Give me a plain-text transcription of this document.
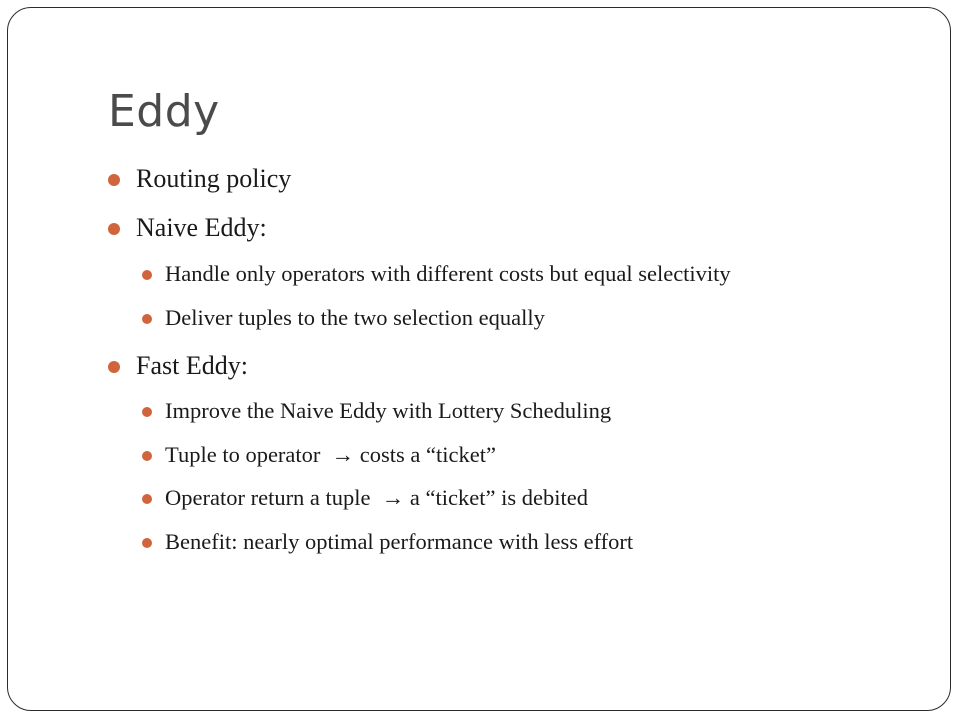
Eddy
Routing policy
Naive Eddy:
Handle only operators with different costs but equal selectivity
Deliver tuples to the two selection equally
Fast Eddy:
Improve the Naive Eddy with Lottery Scheduling
Tuple to operator  → costs a “ticket”
Operator return a tuple  → a “ticket” is debited
Benefit: nearly optimal performance with less effort
